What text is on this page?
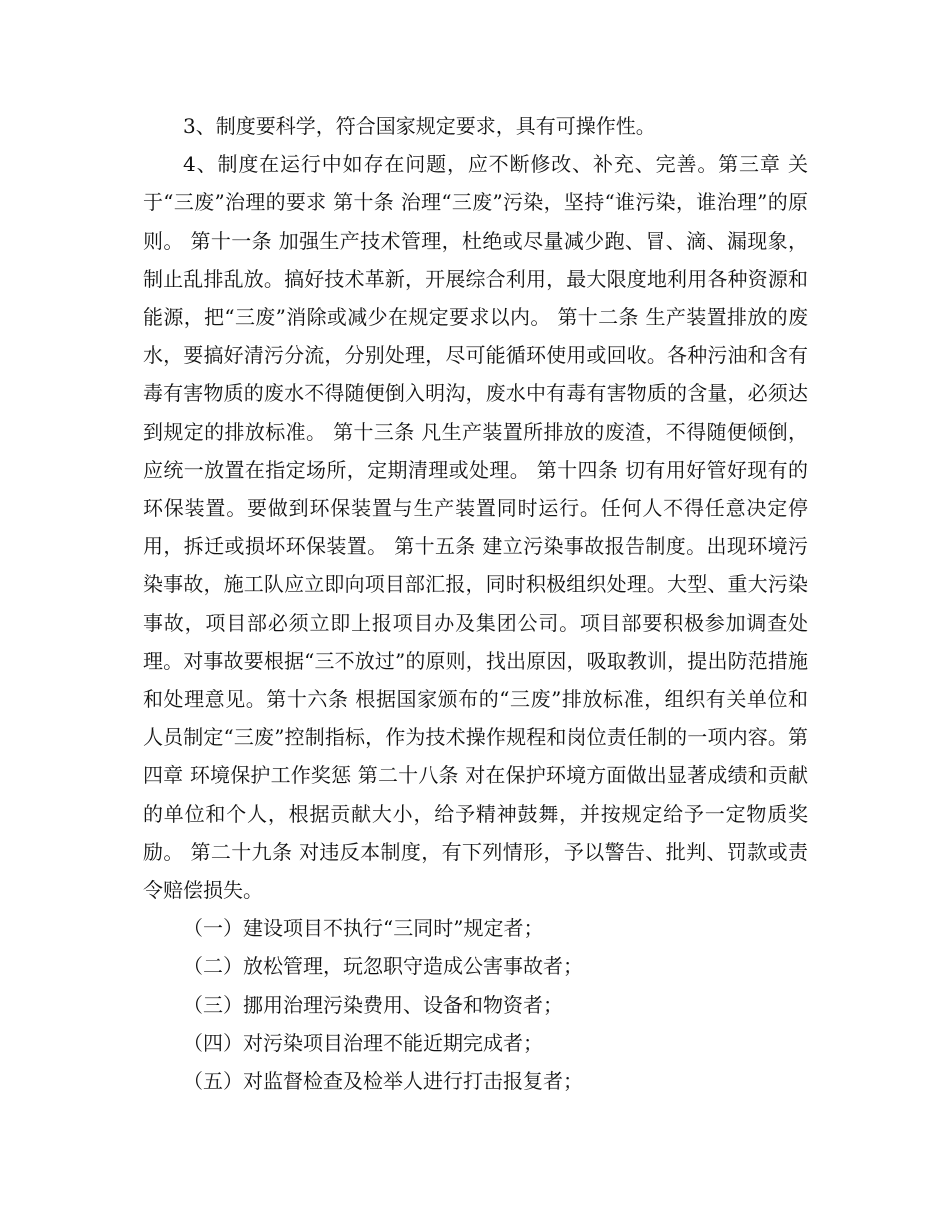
3、制度要科学，符合国家规定要求，具有可操作性。

4、制度在运行中如存在问题，应不断修改、补充、完善。第三章 关于“三废”治理的要求 第十条 治理“三废”污染，坚持“谁污染，谁治理”的原则。 第十一条 加强生产技术管理，杜绝或尽量减少跑、冒、滴、漏现象，制止乱排乱放。搞好技术革新，开展综合利用，最大限度地利用各种资源和能源，把“三废”消除或减少在规定要求以内。 第十二条 生产装置排放的废水，要搞好清污分流，分别处理，尽可能循环使用或回收。各种污油和含有毒有害物质的废水不得随便倒入明沟，废水中有毒有害物质的含量，必须达到规定的排放标准。 第十三条 凡生产装置所排放的废渣，不得随便倾倒，应统一放置在指定场所，定期清理或处理。 第十四条 切有用好管好现有的环保装置。要做到环保装置与生产装置同时运行。任何人不得任意决定停用，拆迁或损坏环保装置。 第十五条 建立污染事故报告制度。出现环境污染事故，施工队应立即向项目部汇报，同时积极组织处理。大型、重大污染事故，项目部必须立即上报项目办及集团公司。项目部要积极参加调查处理。对事故要根据“三不放过”的原则，找出原因，吸取教训，提出防范措施和处理意见。第十六条 根据国家颁布的“三废”排放标准，组织有关单位和人员制定“三废”控制指标，作为技术操作规程和岗位责任制的一项内容。第四章 环境保护工作奖惩 第二十八条 对在保护环境方面做出显著成绩和贡献的单位和个人，根据贡献大小，给予精神鼓舞，并按规定给予一定物质奖励。 第二十九条 对违反本制度，有下列情形，予以警告、批判、罚款或责令赔偿损失。

（一）建设项目不执行“三同时”规定者；

（二）放松管理，玩忽职守造成公害事故者；

（三）挪用治理污染费用、设备和物资者；

（四）对污染项目治理不能近期完成者；

（五）对监督检查及检举人进行打击报复者；
